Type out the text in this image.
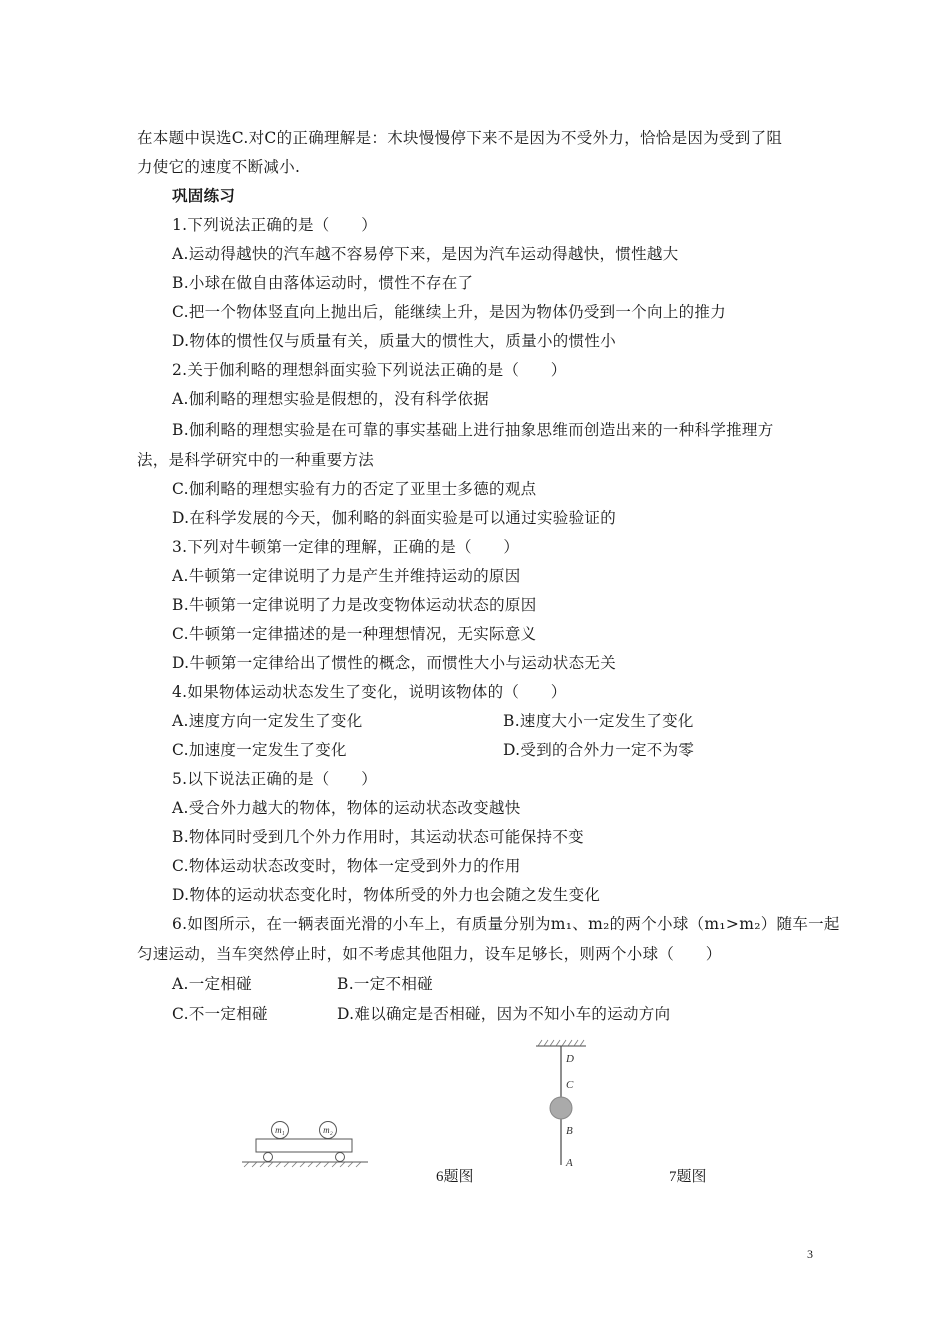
在本题中误选C.对C的正确理解是：木块慢慢停下来不是因为不受外力，恰恰是因为受到了阻
力使它的速度不断减小.
巩固练习
1.下列说法正确的是（　　）
A.运动得越快的汽车越不容易停下来，是因为汽车运动得越快，惯性越大
B.小球在做自由落体运动时，惯性不存在了
C.把一个物体竖直向上抛出后，能继续上升，是因为物体仍受到一个向上的推力
D.物体的惯性仅与质量有关，质量大的惯性大，质量小的惯性小
2.关于伽利略的理想斜面实验下列说法正确的是（　　）
A.伽利略的理想实验是假想的，没有科学依据
B.伽利略的理想实验是在可靠的事实基础上进行抽象思维而创造出来的一种科学推理方
法，是科学研究中的一种重要方法
C.伽利略的理想实验有力的否定了亚里士多德的观点
D.在科学发展的今天，伽利略的斜面实验是可以通过实验验证的
3.下列对牛顿第一定律的理解，正确的是（　　）
A.牛顿第一定律说明了力是产生并维持运动的原因
B.牛顿第一定律说明了力是改变物体运动状态的原因
C.牛顿第一定律描述的是一种理想情况，无实际意义
D.牛顿第一定律给出了惯性的概念，而惯性大小与运动状态无关
4.如果物体运动状态发生了变化，说明该物体的（　　）
A.速度方向一定发生了变化	B.速度大小一定发生了变化
C.加速度一定发生了变化	D.受到的合外力一定不为零
5.以下说法正确的是（　　）
A.受合外力越大的物体，物体的运动状态改变越快
B.物体同时受到几个外力作用时，其运动状态可能保持不变
C.物体运动状态改变时，物体一定受到外力的作用
D.物体的运动状态变化时，物体所受的外力也会随之发生变化
6.如图所示，在一辆表面光滑的小车上，有质量分别为m₁、m₂的两个小球（m₁>m₂）随车一起
匀速运动，当车突然停止时，如不考虑其他阻力，设车足够长，则两个小球（　　）
A.一定相碰	B.一定不相碰
C.不一定相碰	D.难以确定是否相碰，因为不知小车的运动方向
m₁	m₂
D
C
B
A
6题图	7题图
3
